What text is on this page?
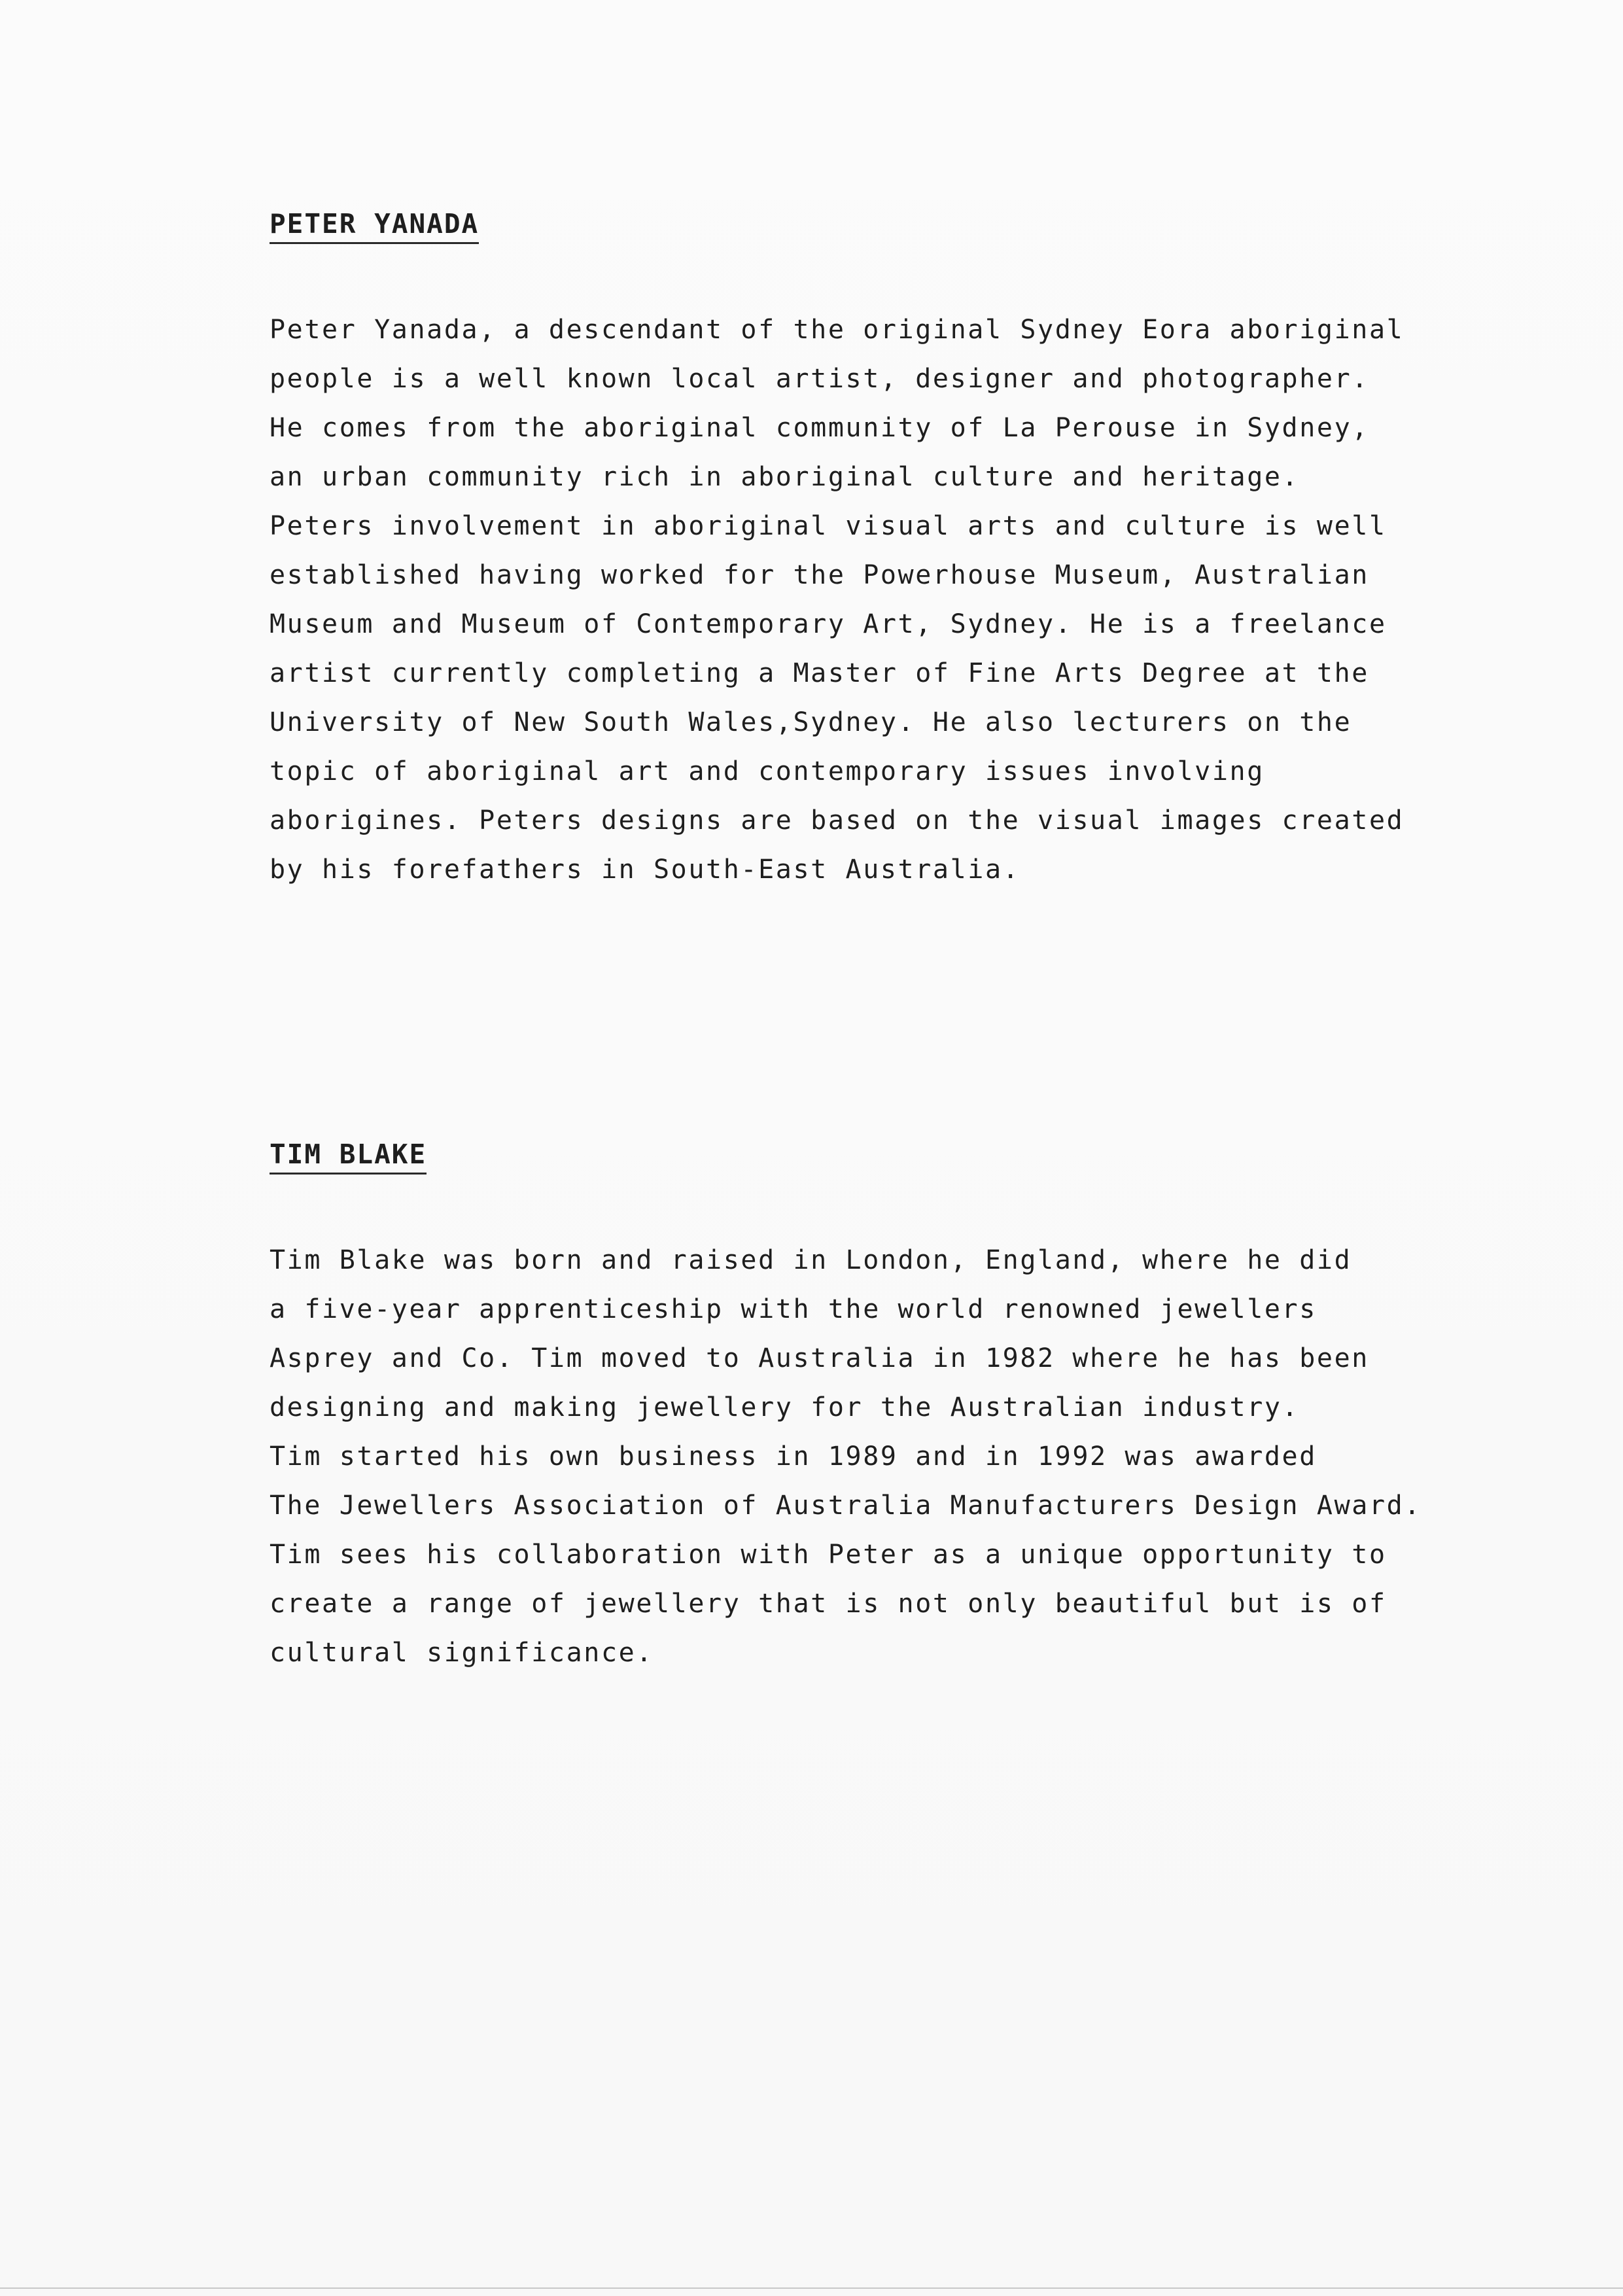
PETER YANADA
Peter Yanada, a descendant of the original Sydney Eora aboriginal
people is a well known local artist, designer and photographer.
He comes from the aboriginal community of La Perouse in Sydney,
an urban community rich in aboriginal culture and heritage.
Peters involvement in aboriginal visual arts and culture is well
established having worked for the Powerhouse Museum, Australian
Museum and Museum of Contemporary Art, Sydney. He is a freelance
artist currently completing a Master of Fine Arts Degree at the
University of New South Wales,Sydney. He also lecturers on the
topic of aboriginal art and contemporary issues involving
aborigines. Peters designs are based on the visual images created
by his forefathers in South-East Australia.
TIM BLAKE
Tim Blake was born and raised in London, England, where he did
a five-year apprenticeship with the world renowned jewellers
Asprey and Co. Tim moved to Australia in 1982 where he has been
designing and making jewellery for the Australian industry.
Tim started his own business in 1989 and in 1992 was awarded
The Jewellers Association of Australia Manufacturers Design Award.
Tim sees his collaboration with Peter as a unique opportunity to
create a range of jewellery that is not only beautiful but is of
cultural significance.
